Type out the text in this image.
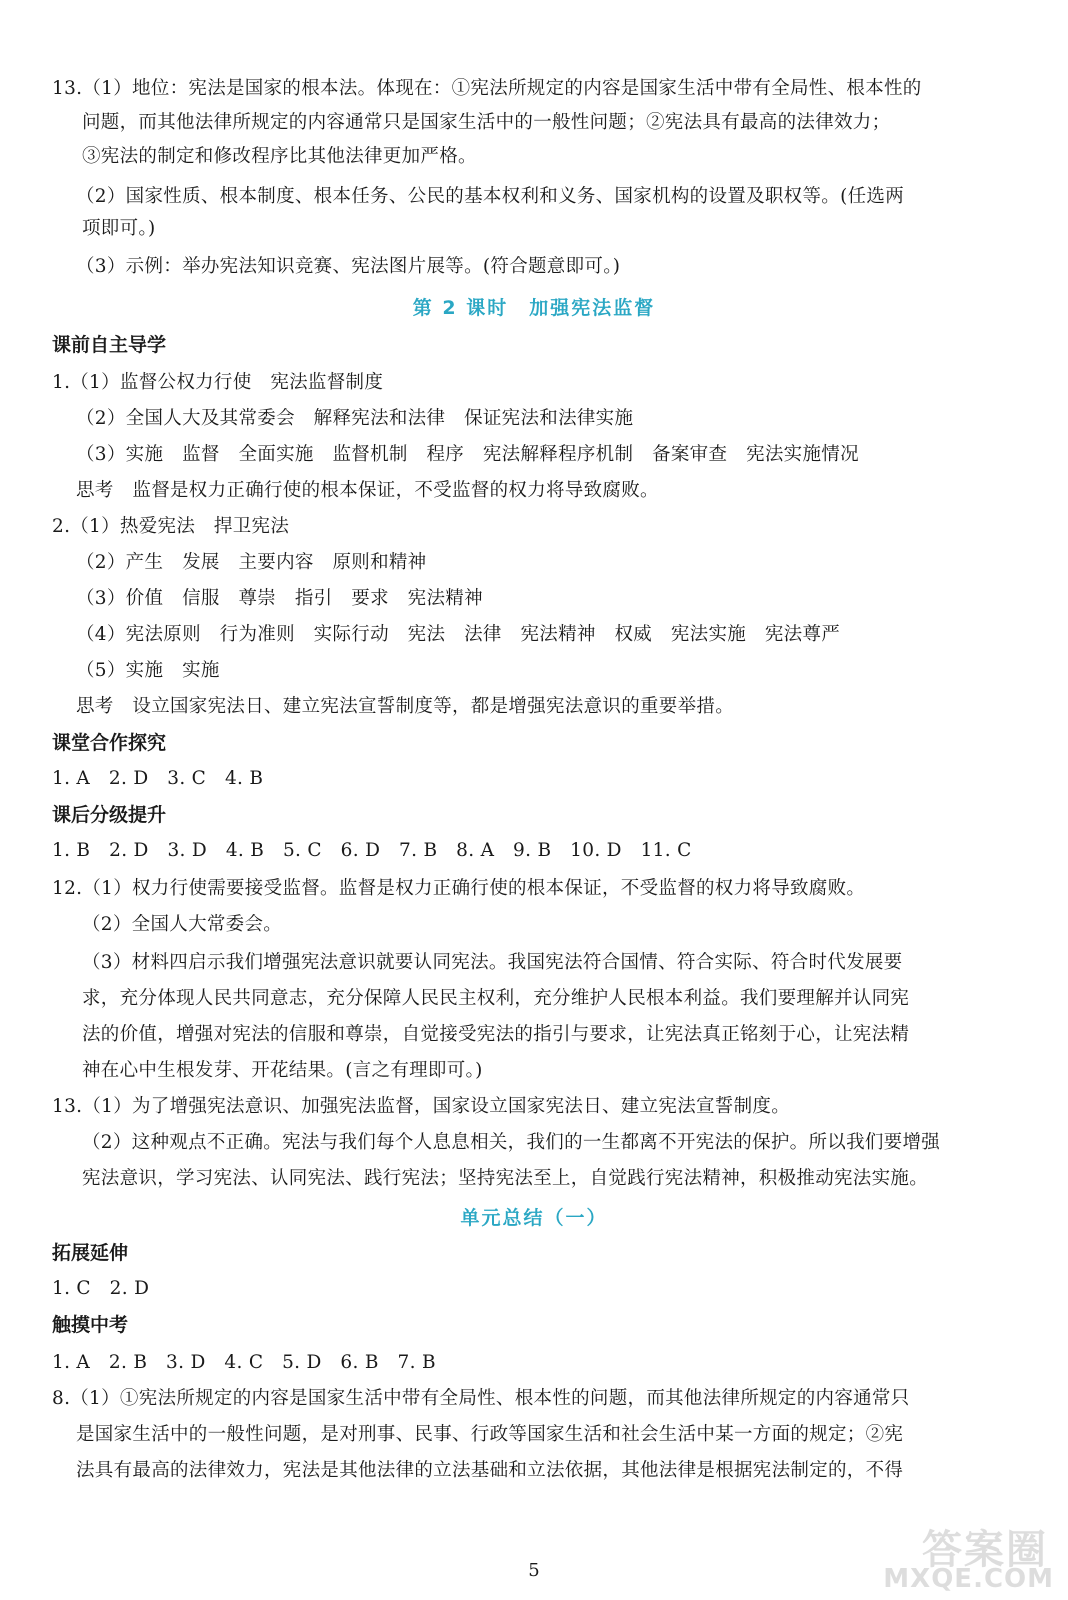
13.（1）地位：宪法是国家的根本法。体现在：①宪法所规定的内容是国家生活中带有全局性、根本性的
问题，而其他法律所规定的内容通常只是国家生活中的一般性问题；②宪法具有最高的法律效力；
③宪法的制定和修改程序比其他法律更加严格。
（2）国家性质、根本制度、根本任务、公民的基本权利和义务、国家机构的设置及职权等。(任选两
项即可。)
（3）示例：举办宪法知识竞赛、宪法图片展等。(符合题意即可。)
第 2 课时　加强宪法监督
课前自主导学
1.（1）监督公权力行使　宪法监督制度
（2）全国人大及其常委会　解释宪法和法律　保证宪法和法律实施
（3）实施　监督　全面实施　监督机制　程序　宪法解释程序机制　备案审查　宪法实施情况
思考　监督是权力正确行使的根本保证，不受监督的权力将导致腐败。
2.（1）热爱宪法　捍卫宪法
（2）产生　发展　主要内容　原则和精神
（3）价值　信服　尊崇　指引　要求　宪法精神
（4）宪法原则　行为准则　实际行动　宪法　法律　宪法精神　权威　宪法实施　宪法尊严
（5）实施　实施
思考　设立国家宪法日、建立宪法宣誓制度等，都是增强宪法意识的重要举措。
课堂合作探究
1. A　2. D　3. C　4. B
课后分级提升
1. B　2. D　3. D　4. B　5. C　6. D　7. B　8. A　9. B　10. D　11. C
12.（1）权力行使需要接受监督。监督是权力正确行使的根本保证，不受监督的权力将导致腐败。
（2）全国人大常委会。
（3）材料四启示我们增强宪法意识就要认同宪法。我国宪法符合国情、符合实际、符合时代发展要
求，充分体现人民共同意志，充分保障人民民主权利，充分维护人民根本利益。我们要理解并认同宪
法的价值，增强对宪法的信服和尊崇，自觉接受宪法的指引与要求，让宪法真正铭刻于心，让宪法精
神在心中生根发芽、开花结果。(言之有理即可。)
13.（1）为了增强宪法意识、加强宪法监督，国家设立国家宪法日、建立宪法宣誓制度。
（2）这种观点不正确。宪法与我们每个人息息相关，我们的一生都离不开宪法的保护。所以我们要增强
宪法意识，学习宪法、认同宪法、践行宪法；坚持宪法至上，自觉践行宪法精神，积极推动宪法实施。
单元总结（一）
拓展延伸
1. C　2. D
触摸中考
1. A　2. B　3. D　4. C　5. D　6. B　7. B
8.（1）①宪法所规定的内容是国家生活中带有全局性、根本性的问题，而其他法律所规定的内容通常只
是国家生活中的一般性问题，是对刑事、民事、行政等国家生活和社会生活中某一方面的规定；②宪
法具有最高的法律效力，宪法是其他法律的立法基础和立法依据，其他法律是根据宪法制定的，不得
5	答案圈
MXQE.COM
